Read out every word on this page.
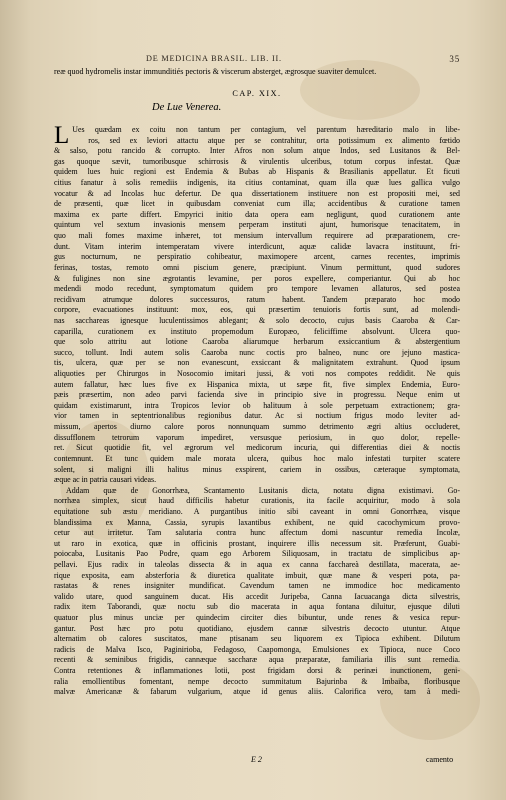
DE MEDICINA BRASIL. LIB. II.	35
reæ quod hydromelis instar immunditiés pectoris & viscerum absterget, ægrosque suaviter demulcet.
CAP. XIX.
De Lue Venerea.
L Ues quædam ex coitu non tantum per contagium, vel parentum hæreditario malo in libe-
ros, sed ex leviori attactu atque per se contrahitur, orta potissimum ex alimento fœtido
& salso, potu rancido & corrupto. Inter Afros non solum atque Indos, sed Lusitanos & Bel-
gas quoque sævit, tumoribusque schirrosis & virulentis ulceribus, totum corpus infestat. Quæ
quidem lues huic regioni est Endemia & Bubas ab Hispanis & Brasilianis appellatur. Et ficuti
citius fanatur à solis remediis indigenis, ita citius contaminat, quam illa quæ lues gallica vulgo
vocatur & ad Incolas huc defertur. De qua dissertationem instituere non est propositi mei, sed
de præsenti, quæ licet in quibusdam conveniat cum illa; accidentibus & curatione tamen
maxima ex parte differt. Empyrici initio data opera eam negligunt, quod curationem ante
quintum vel sextum invasionis mensem perperam instituti ajunt, humorisque tenacitatem, in
quo mali fomes maxime inhæret, tot mensium intervallum requirere ad præparationem, cre-
dunt. Vitam interim intemperatam vivere interdicunt, aquæ calidæ lavacra instituunt, fri-
gus nocturnum, ne perspiratio cohibeatur, maximopere arcent, carnes recentes, imprimis
ferinas, tostas, remoto omni piscium genere, præcipiunt. Vinum permittunt, quod sudores
& fuligines non sine ægrotantis levamine, per poros expellere, comperiantur. Qui ab hoc
medendi modo recedunt, symptomatum quidem pro tempore levamen allaturos, sed postea
recidivam atrumque dolores successuros, ratum habent. Tandem præparato hoc modo
corpore, evacuationes instituunt: mox, eos, qui præsertim tenuioris fortis sunt, ad molendi-
nas sacchareas ignesque luculentissimos ablegant; & solo decocto, cujus basis Caaroba & Car-
caparilla, curationem ex instituto propemodum Europæo, feliciffime absolvunt. Ulcera quo-
que solo attritu aut lotione Caaroba aliarumque herbarum exsiccantium & abstergentium
succo, tollunt. Indi autem solis Caaroba nunc coctis pro balneo, nunc ore jejuno mastica-
tis, ulcera, quæ per se non evanescunt, exsiccant & malignitatem extrahunt. Quod ipsum
aliquoties per Chirurgos in Nosocomio imitari jussi, & voti nos compotes reddidit. Ne quis
autem fallatur, hæc lues five ex Hispanica mixta, ut sæpe fit, five simplex Endemia, Euro-
pæis præsertim, non adeo parvi facienda sive in principio sive in progressu. Neque enim ut
quidam existimarunt, intra Tropicos levior ob halituum à sole perpetuam extractionem; gra-
vior tamen in septentrionalibus regionibus datur. Ac si noctium frigus modo leviter ad-
missum, apertos diurno calore poros nonnunquam summo detrimento ægri altius occluderet,
dissufflonem tetrorum vaporum impediret, versusque periosium, in quo dolor, repelle-
ret. Sicut quotidie fit, vel ægrorum vel medicorum incuria, qui differentias diei & noctis
contemnunt. Et tunc quidem male morata ulcera, quibus hoc malo infestati turpiter scatere
solent, si maligni illi halitus minus exspirent, cariem in ossibus, cæteraque symptomata,
æque ac in patria causari videas.
Addam quæ de Gonorrhæa, Scantamento Lusitanis dicta, notatu digna existimavi. Go-
norrhæa simplex, sicut haud difficilis habetur curationis, ita facile acquiritur, modo à sola
equitatione sub æstu meridiano. A purgantibus initio sibi caveant in omni Gonorrhæa, visque
blandissima ex Manna, Cassia, syrupis laxantibus exhibent, ne quid cacochymicum provo-
cetur aut irritetur. Tam salutaria contra hunc affectum domi nascuntur remedia Incolæ,
ut raro in exotica, quæ in officinis prostant, inquirere illis necessum sit. Præferunt, Guabi-
poiocaba, Lusitanis Pao Podre, quam ego Arborem Siliquosam, in tractatu de simplicibus ap-
pellavi. Ejus radix in taleolas dissecta & in aqua ex canna facchareà destillata, macerata, ae-
rique exposita, eam absterforia & diuretica qualitate imbuit, quæ mane & vesperi pota, pa-
rastatas & renes insigniter mundificat. Cavendum tamen ne immodice hoc medicamento
valido utare, quod sanguinem ducat. His accedit Juripeba, Canna Iacuacanga dicta silvestris,
radix item Taborandi, quæ noctu sub dio macerata in aqua fontana diluitur, ejusque diluti
quatuor plus minus unciæ per quindecim circiter dies bibuntur, unde renes & vesica repur-
gantur. Post hæc pro potu quotidiano, ejusdem cannæ silvestris decocto utuntur. Atque
alternatim ob calores suscitatos, mane ptisanam seu liquorem ex Tipioca exhibent. Dilutum
radicis de Malva Isco, Paginirioba, Fedagoso, Caapomonga, Emulsiones ex Tipioca, nuce Coco
recenti & seminibus frigidis, cannæque saccharæ aqua præparatæ, familiaria illis sunt remedia.
Contra retentiones & inflammationes lotii, post frigidam dorsi & perinæi inunctionem, geni-
ralia emollientibus fomentant, nempe decocto summitatum Bajurinba & Imbaiba, floribusque
malvæ Americanæ & fabarum vulgarium, atque id genus aliis. Calorifica vero, tam à medi-
E 2	camento
